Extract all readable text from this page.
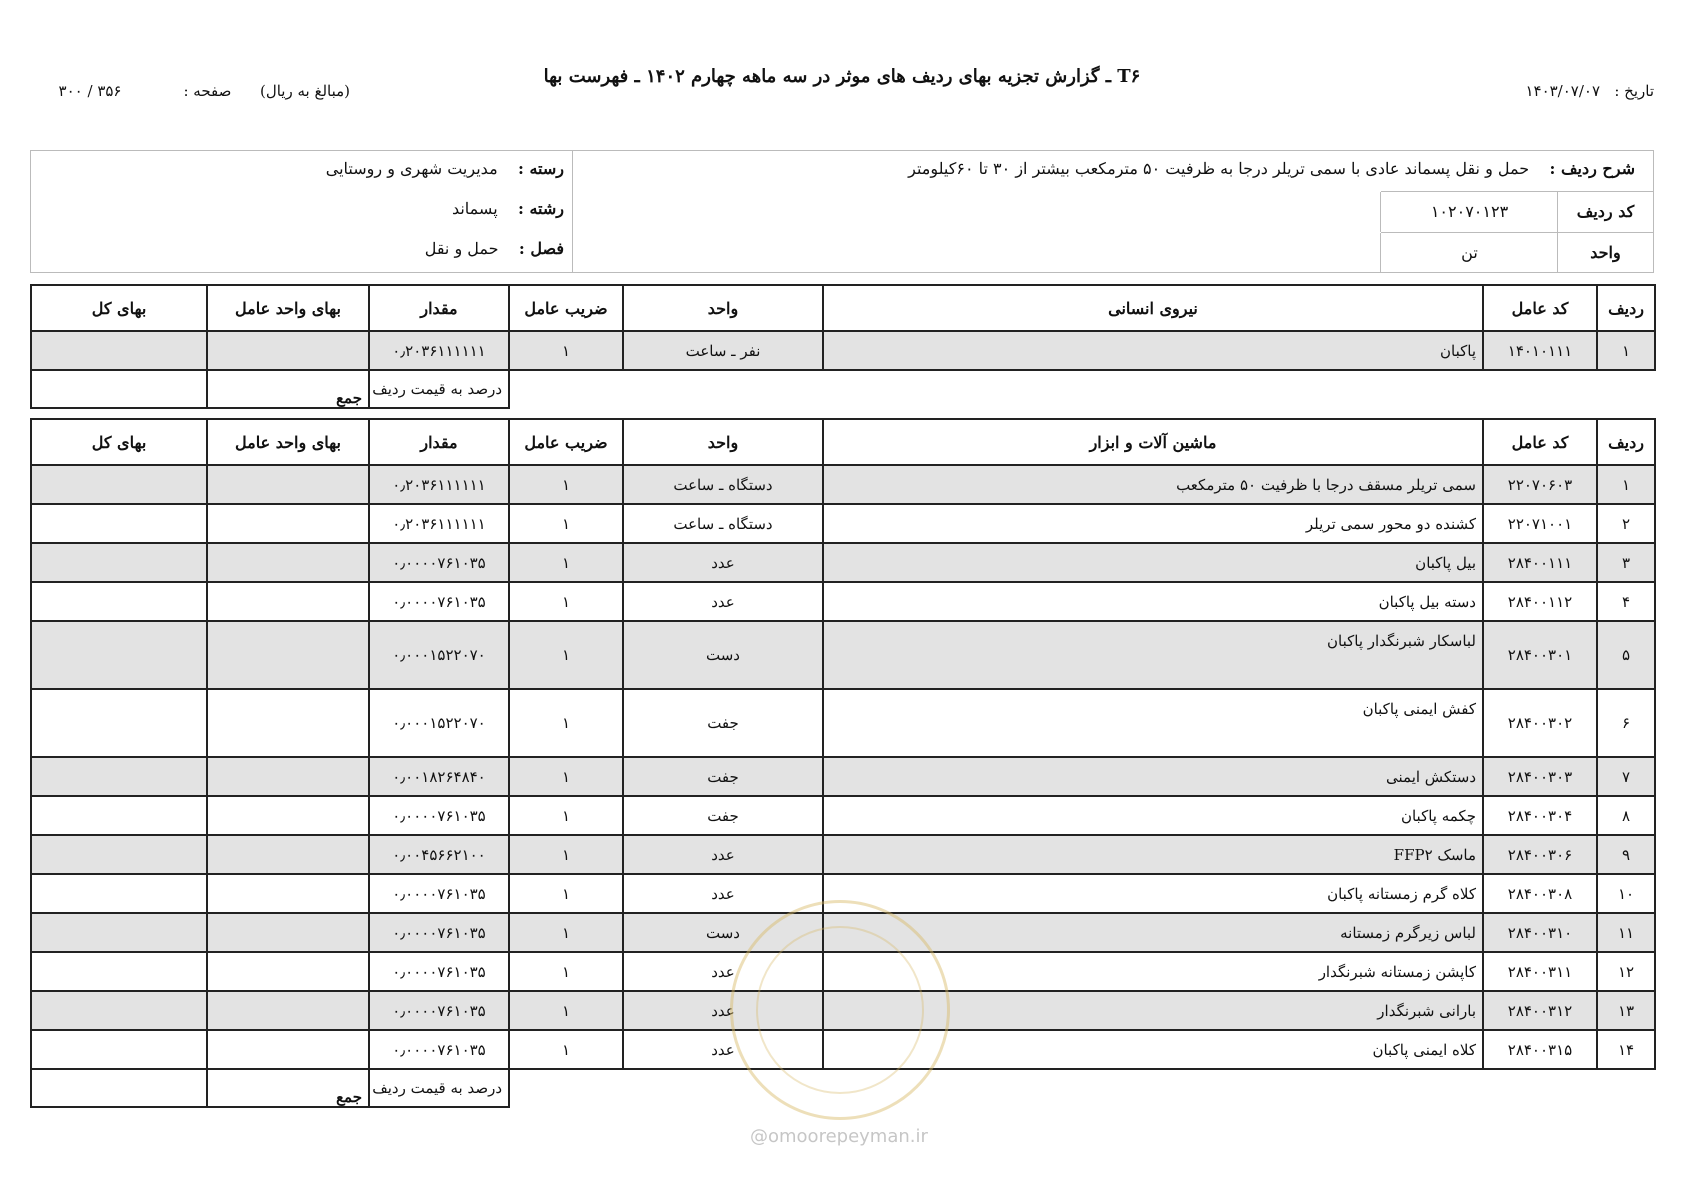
تاریخ :   ۱۴۰۳/۰۷/۰۷
T۶ ـ گزارش تجزیه بهای ردیف های موثر در سه ماهه چهارم ۱۴۰۲ ـ فهرست بها
(مبالغ به ریال)      صفحه :             ۳۵۶ / ۳۰۰
رسته :    مدیریت شهری و روستایی
رشته :    پسماند
فصل :    حمل و نقل
شرح ردیف :    حمل و نقل پسماند عادی با سمی تریلر درجا به ظرفیت ۵۰ مترمکعب بیشتر از ۳۰ تا ۶۰کیلومتر
کد ردیف
۱۰۲۰۷۰۱۲۳
واحد
تن
ردیف	کد عامل	نیروی انسانی	واحد	ضریب عامل	مقدار	بهای واحد عامل	بهای کل
۱	۱۴۰۱۰۱۱۱	پاکبان	نفر ـ ساعت	۱	۰٫۲۰۳۶۱۱۱۱۱۱		
					درصد به قیمت ردیف	جمع	
ردیف	کد عامل	ماشین آلات و ابزار	واحد	ضریب عامل	مقدار	بهای واحد عامل	بهای کل
۱	۲۲۰۷۰۶۰۳	سمی تریلر مسقف درجا با ظرفیت ۵۰ مترمکعب	دستگاه ـ ساعت	۱	۰٫۲۰۳۶۱۱۱۱۱۱		
۲	۲۲۰۷۱۰۰۱	کشنده دو محور سمی تریلر	دستگاه ـ ساعت	۱	۰٫۲۰۳۶۱۱۱۱۱۱		
۳	۲۸۴۰۰۱۱۱	بیل پاکبان	عدد	۱	۰٫۰۰۰۰۷۶۱۰۳۵		
۴	۲۸۴۰۰۱۱۲	دسته بیل پاکبان	عدد	۱	۰٫۰۰۰۰۷۶۱۰۳۵		
۵	۲۸۴۰۰۳۰۱	لباسکار شبرنگدار پاکبان	دست	۱	۰٫۰۰۰۱۵۲۲۰۷۰		
۶	۲۸۴۰۰۳۰۲	کفش ایمنی پاکبان	جفت	۱	۰٫۰۰۰۱۵۲۲۰۷۰		
۷	۲۸۴۰۰۳۰۳	دستکش ایمنی	جفت	۱	۰٫۰۰۱۸۲۶۴۸۴۰		
۸	۲۸۴۰۰۳۰۴	چکمه پاکبان	جفت	۱	۰٫۰۰۰۰۷۶۱۰۳۵		
۹	۲۸۴۰۰۳۰۶	ماسک FFP۲	عدد	۱	۰٫۰۰۴۵۶۶۲۱۰۰		
۱۰	۲۸۴۰۰۳۰۸	کلاه گرم زمستانه پاکبان	عدد	۱	۰٫۰۰۰۰۷۶۱۰۳۵		
۱۱	۲۸۴۰۰۳۱۰	لباس زیرگرم زمستانه	دست	۱	۰٫۰۰۰۰۷۶۱۰۳۵		
۱۲	۲۸۴۰۰۳۱۱	کاپشن زمستانه شبرنگدار	عدد	۱	۰٫۰۰۰۰۷۶۱۰۳۵		
۱۳	۲۸۴۰۰۳۱۲	بارانی شبرنگدار	عدد	۱	۰٫۰۰۰۰۷۶۱۰۳۵		
۱۴	۲۸۴۰۰۳۱۵	کلاه ایمنی پاکبان	عدد	۱	۰٫۰۰۰۰۷۶۱۰۳۵		
					درصد به قیمت ردیف	جمع	
@omoorepeyman.ir
